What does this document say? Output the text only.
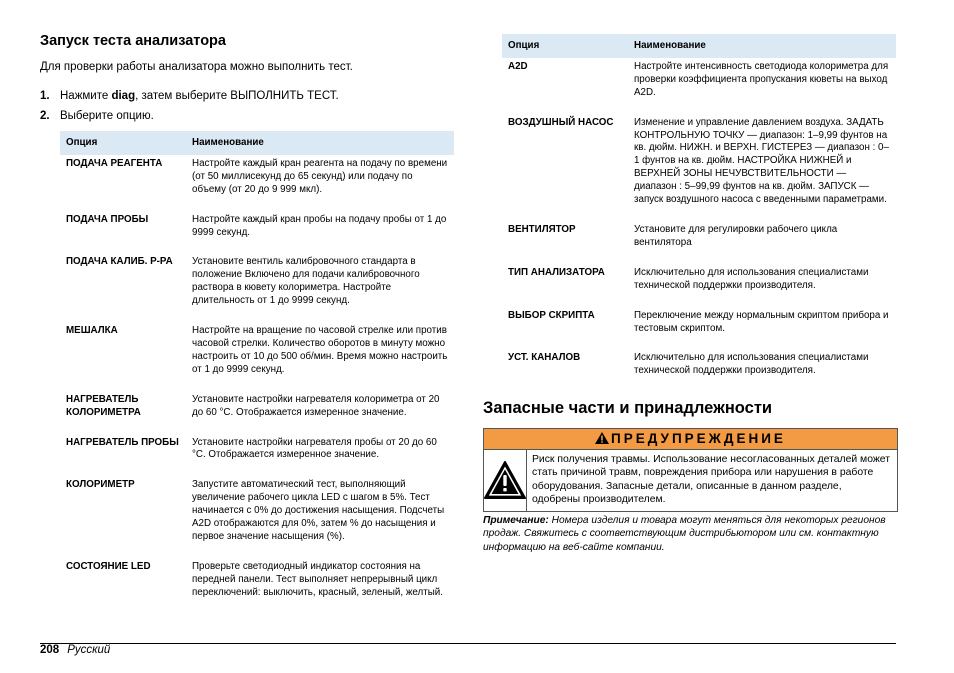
Запуск теста анализатора

Для проверки работы анализатора можно выполнить тест.

1. Нажмите diag, затем выберите ВЫПОЛНИТЬ ТЕСТ.
2. Выберите опцию.
Опция	Наименование
ПОДАЧА РЕАГЕНТА	Настройте каждый кран реагента на подачу по времени (от 50 миллисекунд до 65 секунд) или подачу по объему (от 20 до 9 999 мкл).
ПОДАЧА ПРОБЫ	Настройте каждый кран пробы на подачу пробы от 1 до 9999 секунд.
ПОДАЧА КАЛИБ. Р-РА	Установите вентиль калибровочного стандарта в положение Включено для подачи калибровочного раствора в кювету колориметра. Настройте длительность от 1 до 9999 секунд.
МЕШАЛКА	Настройте на вращение по часовой стрелке или против часовой стрелки. Количество оборотов в минуту можно настроить от 10 до 500 об/мин. Время можно настроить от 1 до 9999 секунд.
НАГРЕВАТЕЛЬ КОЛОРИМЕТРА	Установите настройки нагревателя колориметра от 20 до 60 °C. Отображается измеренное значение.
НАГРЕВАТЕЛЬ ПРОБЫ	Установите настройки нагревателя пробы от 20 до 60 °C. Отображается измеренное значение.
КОЛОРИМЕТР	Запустите автоматический тест, выполняющий увеличение рабочего цикла LED с шагом в 5%. Тест начинается с 0% до достижения насыщения. Подсчеты A2D отображаются для 0%, затем % до насыщения и первое значение насыщения (%).
СОСТОЯНИЕ LED	Проверьте светодиодный индикатор состояния на передней панели. Тест выполняет непрерывный цикл переключений: выключить, красный, зеленый, желтый.
Опция	Наименование
A2D	Настройте интенсивность светодиода колориметра для проверки коэффициента пропускания кюветы на выход A2D.
ВОЗДУШНЫЙ НАСОС	Изменение и управление давлением воздуха. ЗАДАТЬ КОНТРОЛЬНУЮ ТОЧКУ — диапазон: 1–9,99 фунтов на кв. дюйм. НИЖН. и ВЕРХН. ГИСТЕРЕЗ — диапазон : 0–1 фунтов на кв. дюйм. НАСТРОЙКА НИЖНЕЙ и ВЕРХНЕЙ ЗОНЫ НЕЧУВСТВИТЕЛЬНОСТИ — диапазон : 5–99,99 фунтов на кв. дюйм. ЗАПУСК — запуск воздушного насоса с введенными параметрами.
ВЕНТИЛЯТОР	Установите для регулировки рабочего цикла вентилятора
ТИП АНАЛИЗАТОРА	Исключительно для использования специалистами технической поддержки производителя.
ВЫБОР СКРИПТА	Переключение между нормальным скриптом прибора и тестовым скриптом.
УСТ. КАНАЛОВ	Исключительно для использования специалистами технической поддержки производителя.
Запасные части и принадлежности
ПРЕДУПРЕЖДЕНИЕ
Риск получения травмы. Использование несогласованных деталей может стать причиной травм, повреждения прибора или нарушения в работе оборудования. Запасные детали, описанные в данном разделе, одобрены производителем.

Примечание: Номера изделия и товара могут меняться для некоторых регионов продаж. Свяжитесь с соответствующим дистрибьютором или см. контактную информацию на веб-сайте компании.

208 Русский
